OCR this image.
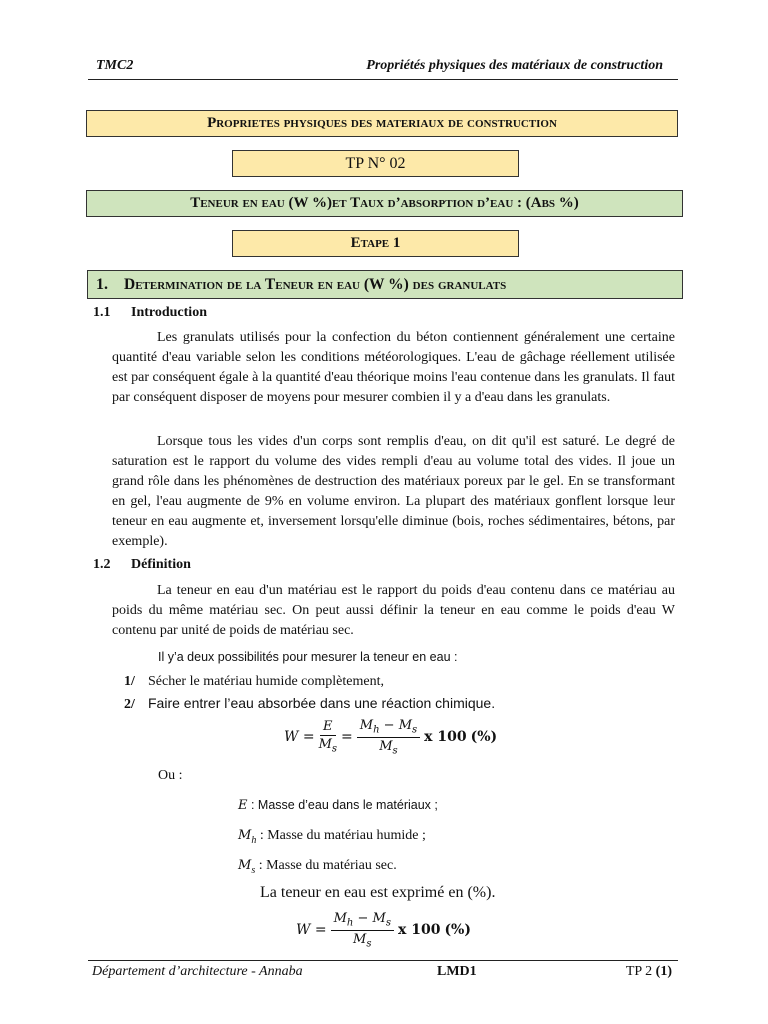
TMC2	Propriétés physiques des matériaux de construction
Proprietes physiques des materiaux de construction
TP N° 02
Teneur en eau (W %)et Taux d’absorption d’eau : (Abs %)
Etape 1
1.	Determination de la Teneur en eau (W %) des granulats
1.1 Introduction
Les granulats utilisés pour la confection du béton contiennent généralement une certaine quantité d'eau variable selon les conditions météorologiques. L'eau de gâchage réellement utilisée est par conséquent égale à la quantité d'eau théorique moins l'eau contenue dans les granulats. Il faut par conséquent disposer de moyens pour mesurer combien il y a d'eau dans les granulats.
Lorsque tous les vides d'un corps sont remplis d'eau, on dit qu'il est saturé. Le degré de saturation est le rapport du volume des vides rempli d'eau au volume total des vides. Il joue un grand rôle dans les phénomènes de destruction des matériaux poreux par le gel. En se transformant en gel, l'eau augmente de 9% en volume environ. La plupart des matériaux gonflent lorsque leur teneur en eau augmente et, inversement lorsqu'elle diminue (bois, roches sédimentaires, bétons, par exemple).
1.2 Définition
La teneur en eau d'un matériau est le rapport du poids d'eau contenu dans ce matériau au poids du même matériau sec. On peut aussi définir la teneur en eau comme le poids d'eau W contenu par unité de poids de matériau sec.
Il y’a deux possibilités pour mesurer la teneur en eau :
1/ Sécher le matériau humide complètement,
2/ Faire entrer l’eau absorbée dans une réaction chimique.
$W = \frac{E}{M_s} = \frac{M_h - M_s}{M_s}$ x 100 (%)
Ou :
E : Masse d’eau dans le matériaux ;
$M_h$ : Masse du matériau humide ;
$M_s$ : Masse du matériau sec.
La teneur en eau est exprimé en (%).
$W = \frac{M_h - M_s}{M_s}$ x 100 (%)
Département d’architecture - Annaba	LMD1	TP 2 (1)
